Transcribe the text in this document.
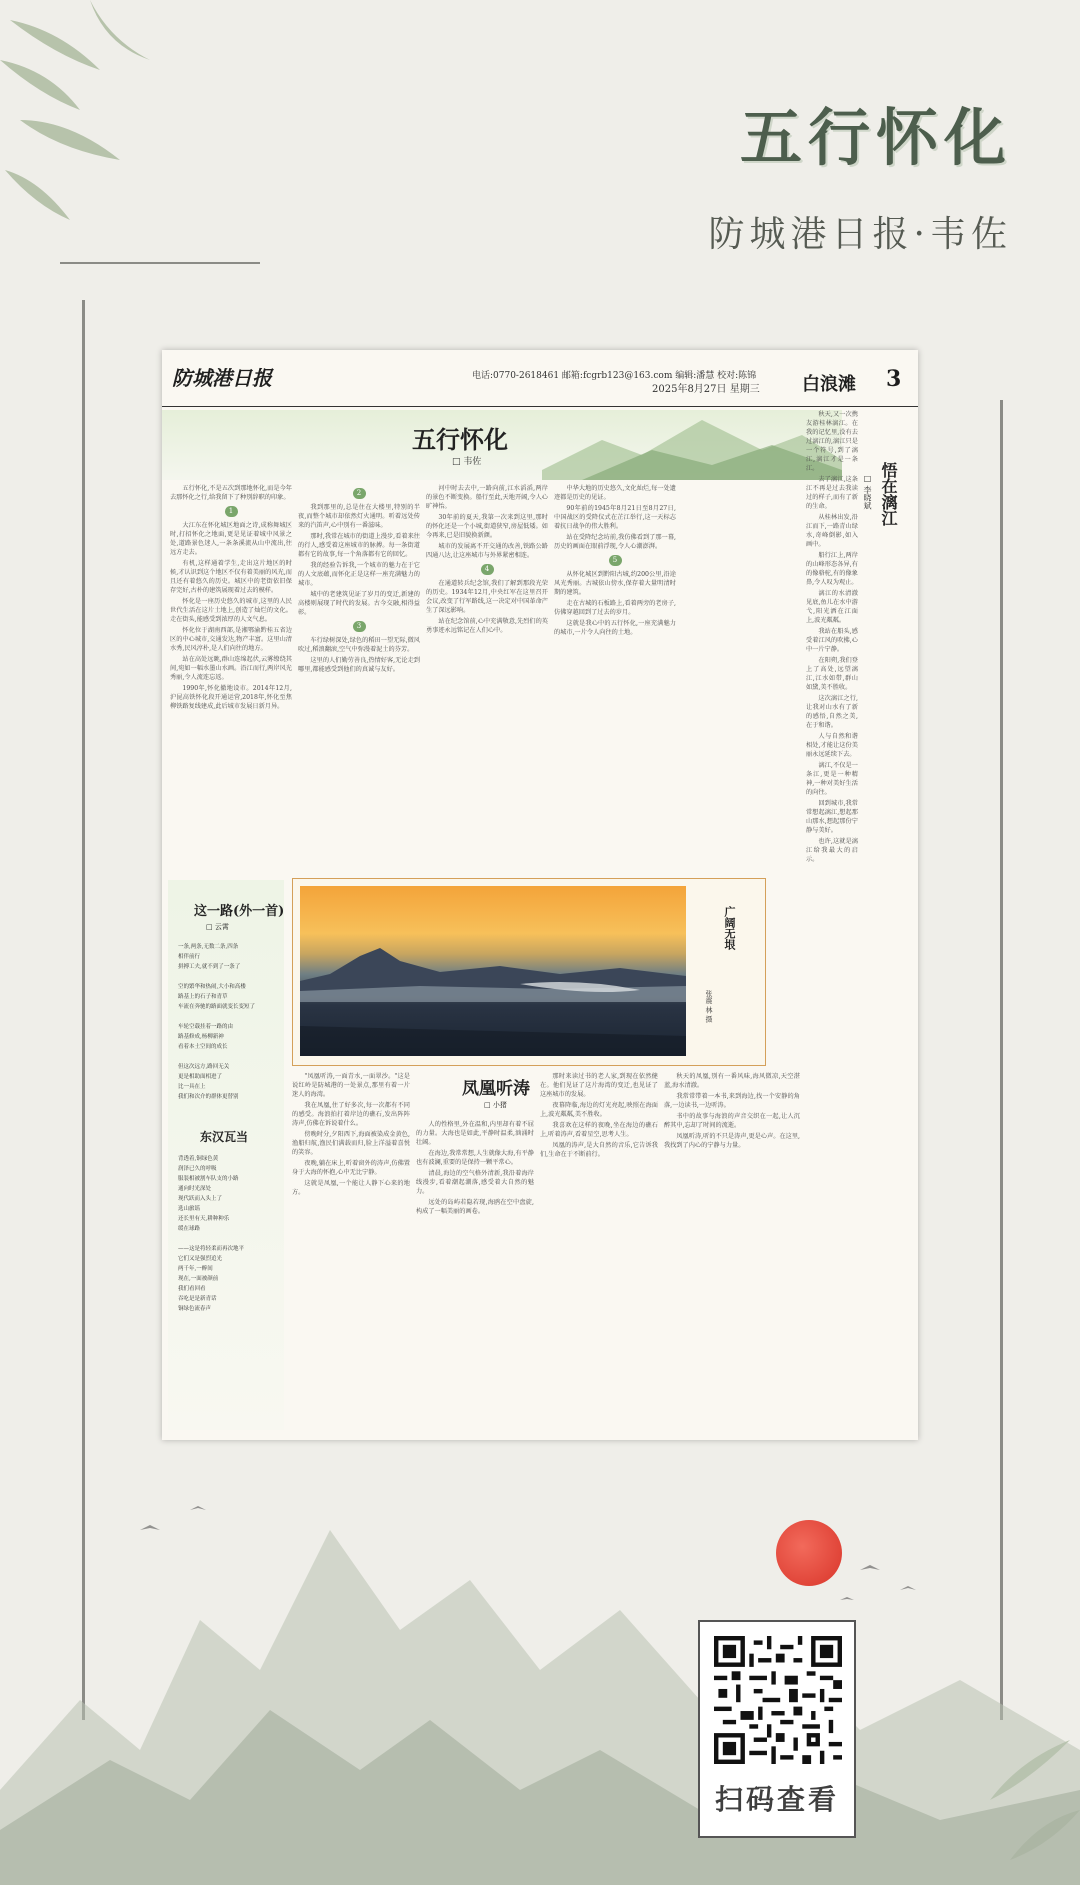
五行怀化
防城港日报·韦佐
防城港日报	电话:0770-2618461 邮箱:fcgrb123@163.com 编辑:潘慧 校对:陈锦
2025年8月27日 星期三 白浪滩 3
五行怀化
□ 韦佐

五行怀化,不是五次到那地怀化,而是今年去那怀化之行,给我留下了种别辞职的印象。

1

大江东在怀化城区地面之诗,成称舞城区时,打招怀化之地面,更是见证着城中风景之处,道路景色迷人,一条条溪流从山中流出,往远方走去。

有机,这样通着学生,走出这片地区的时候,才认识到这个地区不仅有着美丽的风光,而且还有着悠久的历史。城区中的老街依旧保存完好,古朴的建筑展现着过去的模样。

怀化是一座历史悠久的城市,这里的人民世代生活在这片土地上,创造了灿烂的文化。走在街头,能感受到浓厚的人文气息。

怀化位于湖南西部,是湘鄂渝黔桂五省边区的中心城市,交通发达,物产丰富。这里山清水秀,民风淳朴,是人们向往的地方。

站在高处远眺,群山连绵起伏,云雾缭绕其间,宛如一幅水墨山水画。沿江而行,两岸风光秀丽,令人流连忘返。

1990年,怀化撤地设市。2014年12月,沪昆高铁怀化段开通运营,2018年,怀化至焦柳铁路复线建成,此后城市发展日新月异。

2

我到那里的,总是住在大楼里,特别的半夜,而整个城市却依然灯火通明。听着远处传来的汽笛声,心中别有一番滋味。

那时,我常在城市的街道上漫步,看着来往的行人,感受着这座城市的脉搏。每一条街道都有它的故事,每一个角落都有它的回忆。

我的经验告诉我,一个城市的魅力在于它的人文底蕴,而怀化正是这样一座充满魅力的城市。

城中的老建筑见证了岁月的变迁,新建的高楼则展现了时代的发展。古今交融,相得益彰。

3

车行绿树深处,绿色的稻田一望无际,微风吹过,稻浪翻滚,空气中弥漫着泥土的芬芳。

这里的人们勤劳善良,热情好客,无论走到哪里,都能感受到他们的真诚与友好。

河中时去去中,一路向前,江水滔滔,两岸的景色不断变换。船行至此,天地开阔,令人心旷神怡。

30年前的夏天,我第一次来到这里,那时的怀化还是一个小城,街道狭窄,房屋低矮。如今再来,已是旧貌换新颜。

城市的发展离不开交通的改善,铁路公路四通八达,让这座城市与外界紧密相连。

4

在通道转兵纪念馆,我们了解到那段光荣的历史。1934年12月,中央红军在这里召开会议,改变了行军路线,这一决定对中国革命产生了深远影响。

站在纪念馆前,心中充满敬意,先烈们的英勇事迹永远铭记在人们心中。

中华大地的历史悠久,文化灿烂,每一处遗迹都是历史的见证。

90年前的1945年8月21日至8月27日,中国战区的受降仪式在芷江举行,这一天标志着抗日战争的伟大胜利。

站在受降纪念坊前,我仿佛看到了那一幕,历史的画面在眼前浮现,令人心潮澎湃。

5

从怀化城区到黔阳古城,约200公里,沿途风光秀丽。古城依山傍水,保存着大量明清时期的建筑。

走在古城的石板路上,看着两旁的老房子,仿佛穿越回到了过去的岁月。

这就是我心中的五行怀化,一座充满魅力的城市,一片令人向往的土地。

悟在漓江
□ 李晓斌

秋天,又一次携友游桂林漓江。在我的记忆里,没有去过漓江的,漓江只是一个符号,到了漓江,漓江才是一条江。

去了漓江,这条江不再是过去我读过的样子,而有了新的生命。

从桂林出发,沿江而下,一路青山绿水,奇峰倒影,如入画中。

船行江上,两岸的山峰形态各异,有的像骆驼,有的像象鼻,令人叹为观止。

漓江的水清澈见底,鱼儿在水中游弋,阳光洒在江面上,波光粼粼。

我站在船头,感受着江风的吹拂,心中一片宁静。

在阳朔,我们登上了高处,远望漓江,江水如带,群山如黛,美不胜收。

这次漓江之行,让我对山水有了新的感悟,自然之美,在于和谐。

人与自然和谐相处,才能让这份美丽永远延续下去。

漓江,不仅是一条江,更是一种精神,一种对美好生活的向往。

回到城市,我常常想起漓江,想起那山那水,想起那份宁静与美好。

也许,这就是漓江给我最大的启示。

这一路(外一首)
□ 云霄
一条,两条,无数二条,四条
相伴前行
拼搏工夫,就不到了一条了

空的繁华和热闹,大小和高楼
路基上的石子和青草
车流在奔驰的路面就变长变短了

车轮空载挂着一路的由
路基修成,杨柳新神
看着本土空间的成长

但这次远方,路回无关
更是相助面相进了
比一具在上
我们和次介的群体更替别
东汉瓦当
背透着,铜绿色黄
润泽已久的呼吸
服装相被割车队支的小路
通向时光深处
现代跃而入头上了
选山旅谣
还长里有天,耕种种乐
缓在球路

——这是将轻柔而再次地平
它们又是强烈追光
两千年,一醉间
现在,一面被颜前
我们看回看
吞吃是是新青话
铜绿色流春声
广阔无垠
张震 林 摄
凤凰听涛
□ 小猪

"凤凰听涛,一面青水,一面翠沙。"这是说红岭是防城港的一处景点,那里有着一片迷人的海湾。

我在凤凰,住了好多次,每一次都有不同的感受。海浪拍打着岸边的礁石,发出阵阵涛声,仿佛在诉说着什么。

傍晚时分,夕阳西下,海面被染成金黄色,渔船归航,渔民们满载而归,脸上洋溢着喜悦的笑容。

夜晚,躺在床上,听着窗外的涛声,仿佛置身于大海的怀抱,心中无比宁静。

这就是凤凰,一个能让人静下心来的地方。

人的性格里,外在温和,内里却有着不屈的力量。大海也是如此,平静时温柔,汹涌时壮阔。

在海边,我常常想,人生就像大海,有平静也有波澜,重要的是保持一颗平常心。

清晨,海边的空气格外清新,我沿着海岸线漫步,看着潮起潮落,感受着大自然的魅力。

远处的岛屿若隐若现,海鸥在空中盘旋,构成了一幅美丽的画卷。

那时来读过书的老人家,到现在依然健在。他们见证了这片海湾的变迁,也见证了这座城市的发展。

夜幕降临,海边的灯光亮起,映照在海面上,波光粼粼,美不胜收。

我喜欢在这样的夜晚,坐在海边的礁石上,听着涛声,看着星空,思考人生。

凤凰的涛声,是大自然的音乐,它告诉我们,生命在于不断前行。

秋天的凤凰,别有一番风味,海风微凉,天空湛蓝,海水清澈。

我常常带着一本书,来到海边,找一个安静的角落,一边读书,一边听涛。

书中的故事与海浪的声音交织在一起,让人沉醉其中,忘却了时间的流逝。

凤凰听涛,听的不只是涛声,更是心声。在这里,我找到了内心的宁静与力量。

扫码查看
